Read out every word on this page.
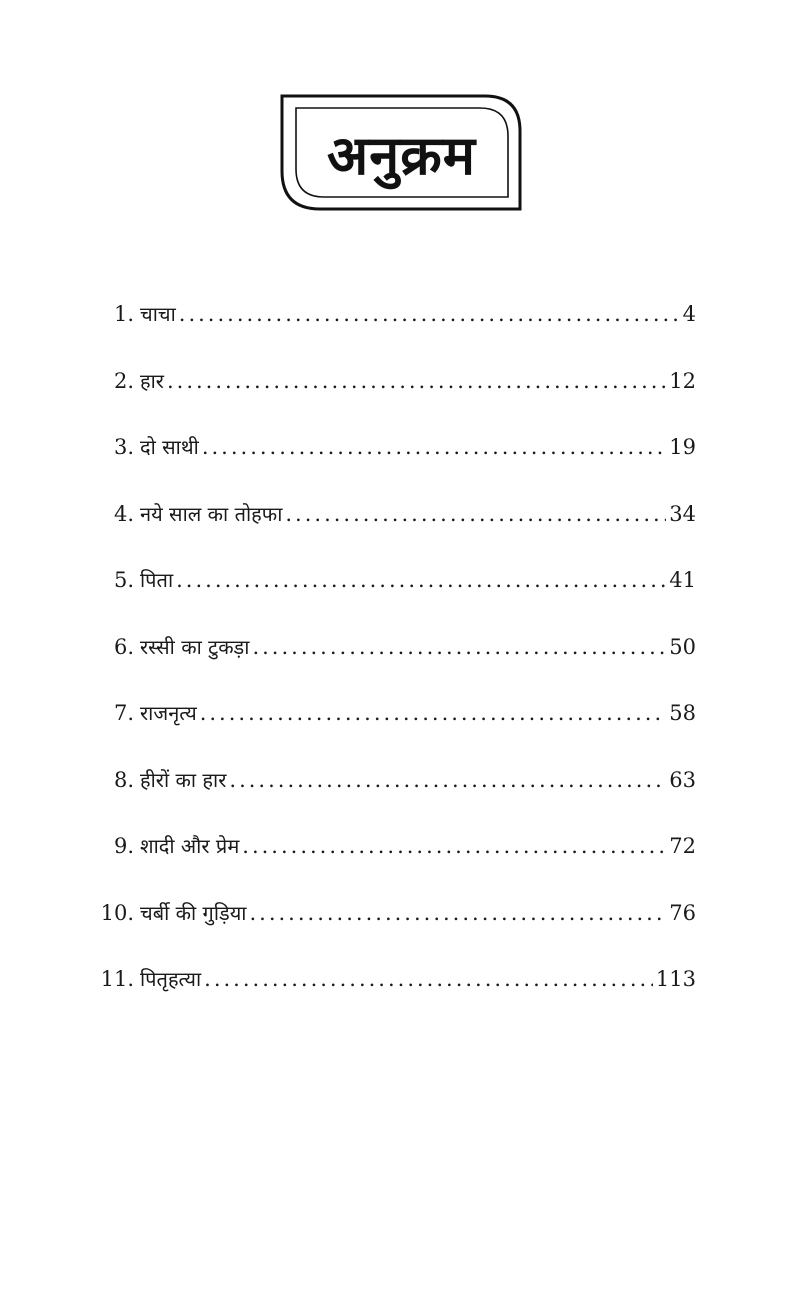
अनुक्रम
1. चाचा .....	4
2. हार .....	12
3. दो साथी .....	19
4. नये साल का तोहफा .....	34
5. पिता .....	41
6. रस्सी का टुकड़ा .....	50
7. राजनृत्य .....	58
8. हीरों का हार .....	63
9. शादी और प्रेम .....	72
10. चर्बी की गुड़िया .....	76
11. पितृहत्या .....	113
